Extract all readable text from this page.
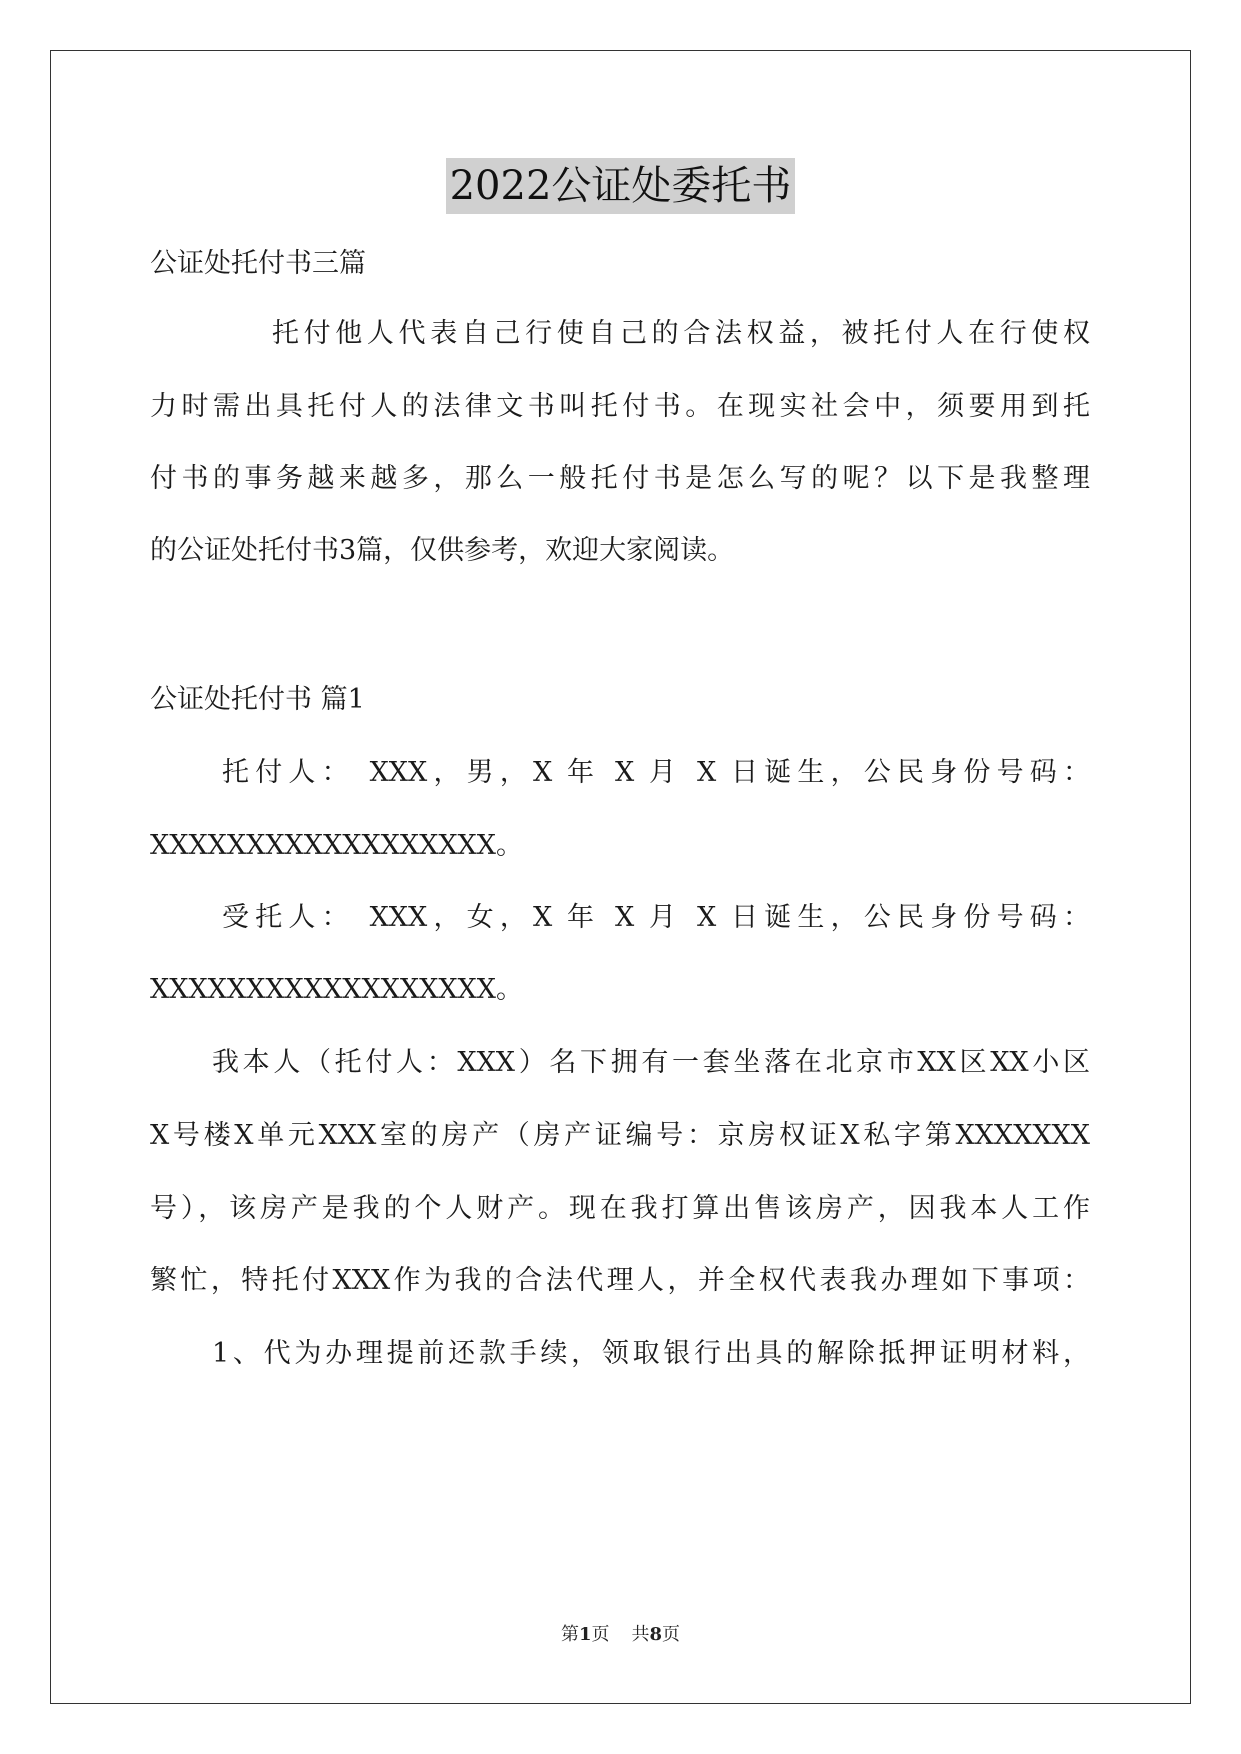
2022公证处委托书
公证处托付书三篇
托付他人代表自己行使自己的合法权益，被托付人在行使权
力时需出具托付人的法律文书叫托付书。在现实社会中，须要用到托
付书的事务越来越多，那么一般托付书是怎么写的呢？以下是我整理
的公证处托付书3篇，仅供参考，欢迎大家阅读。
公证处托付书 篇1
托付人： XXX，男，X 年 X 月 X 日诞生，公民身份号码：
XXXXXXXXXXXXXXXXXX。
受托人： XXX，女，X 年 X 月 X 日诞生，公民身份号码：
XXXXXXXXXXXXXXXXXX。
我本人（托付人：XXX）名下拥有一套坐落在北京市XX区XX小区
X号楼X单元XXX室的房产（房产证编号：京房权证X私字第XXXXXXX
号），该房产是我的个人财产。现在我打算出售该房产，因我本人工作
繁忙，特托付XXX作为我的合法代理人，并全权代表我办理如下事项：
1、代为办理提前还款手续，领取银行出具的解除抵押证明材料，
第1页 共8页
